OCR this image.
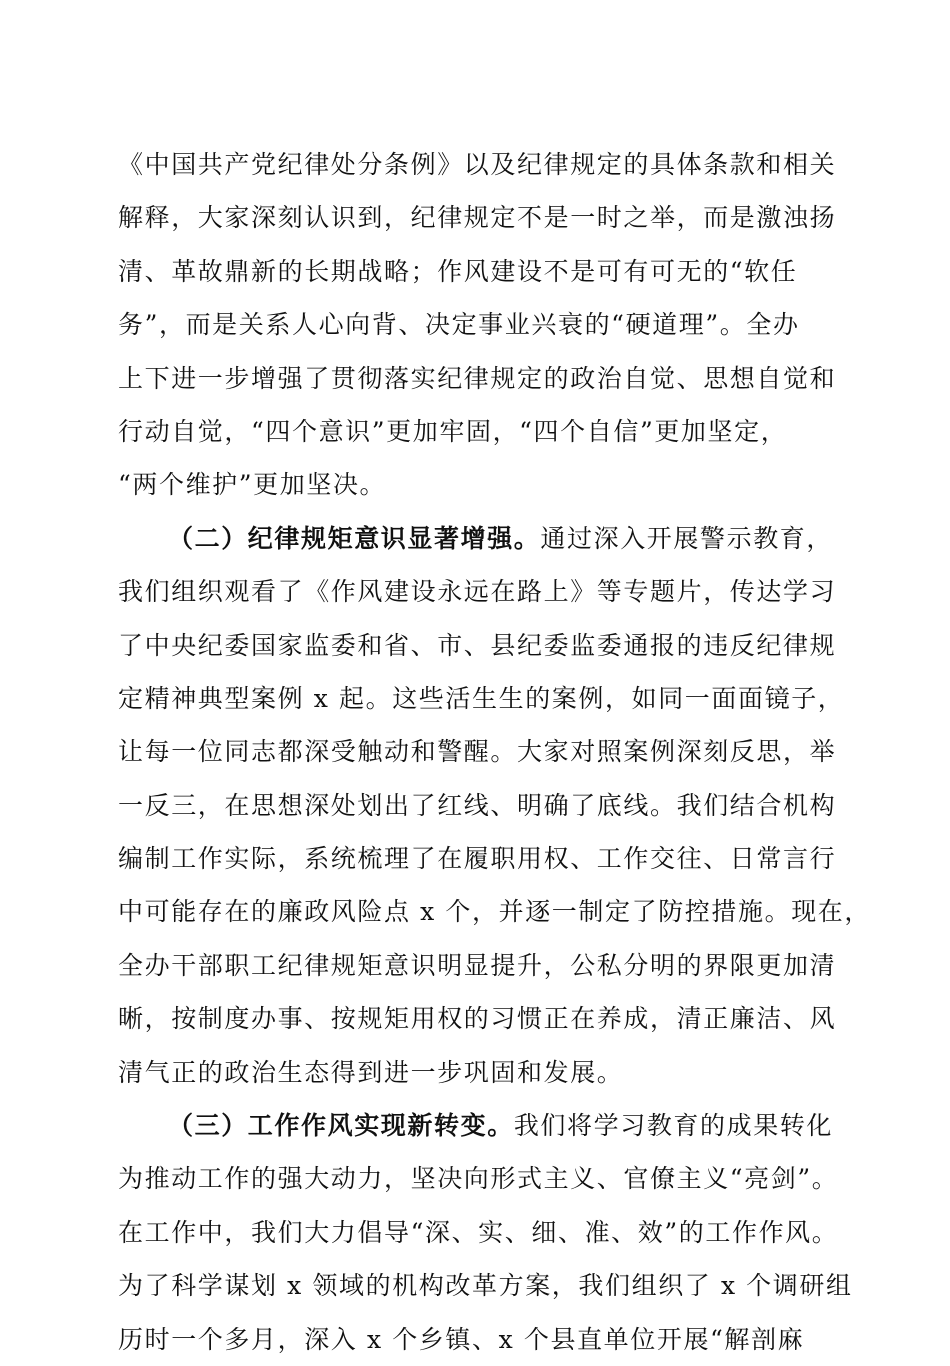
《中国共产党纪律处分条例》以及纪律规定的具体条款和相关
解释，大家深刻认识到，纪律规定不是一时之举，而是激浊扬
清、革故鼎新的长期战略；作风建设不是可有可无的“软任
务”，而是关系人心向背、决定事业兴衰的“硬道理”。全办
上下进一步增强了贯彻落实纪律规定的政治自觉、思想自觉和
行动自觉，“四个意识”更加牢固，“四个自信”更加坚定，
“两个维护”更加坚决。
（二）纪律规矩意识显著增强。通过深入开展警示教育，
我们组织观看了《作风建设永远在路上》等专题片，传达学习
了中央纪委国家监委和省、市、县纪委监委通报的违反纪律规
定精神典型案例 x 起。这些活生生的案例，如同一面面镜子，
让每一位同志都深受触动和警醒。大家对照案例深刻反思，举
一反三，在思想深处划出了红线、明确了底线。我们结合机构
编制工作实际，系统梳理了在履职用权、工作交往、日常言行
中可能存在的廉政风险点 x 个，并逐一制定了防控措施。现在，
全办干部职工纪律规矩意识明显提升，公私分明的界限更加清
晰，按制度办事、按规矩用权的习惯正在养成，清正廉洁、风
清气正的政治生态得到进一步巩固和发展。
（三）工作作风实现新转变。我们将学习教育的成果转化
为推动工作的强大动力，坚决向形式主义、官僚主义“亮剑”。
在工作中，我们大力倡导“深、实、细、准、效”的工作作风。
为了科学谋划 x 领域的机构改革方案，我们组织了 x 个调研组
历时一个多月，深入 x 个乡镇、x 个县直单位开展“解剖麻
